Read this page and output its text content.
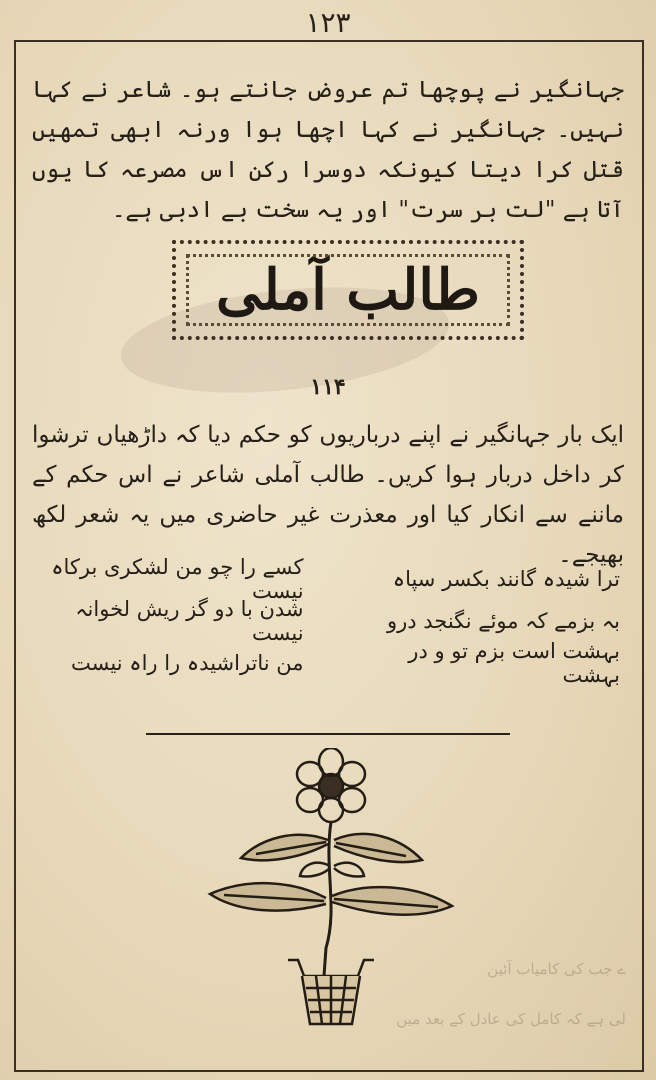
۱۲۳

جہانگیر نے پوچھا تم عروض جانتے ہو۔ شاعر نے کہا نہیں۔ جہانگیر نے کہا اچھا ہوا ورنہ ابھی تمھیں قتل کرا دیتا کیونکہ دوسرا رکن اس مصرعہ کا یوں آتا ہے "لت بر سرت" اور یہ سخت بے ادبی ہے۔

طالب آملی
۱۱۴

ایک بار جہانگیر نے اپنے درباریوں کو حکم دیا کہ داڑھیاں ترشوا کر داخل دربار ہوا کریں۔ طالب آملی شاعر نے اس حکم کے ماننے سے انکار کیا اور معذرت غیر حاضری میں یہ شعر لکھ بھیجے۔

ترا شیدہ گانند بکسر سپاہ
کسے را چو من لشکری برکاہ نیست
بہ بزمے کہ موئے نگنجد درو
شدن با دو گز ریش لخوانہ نیست
بہشت است بزم تو و در بہشت
من ناتراشیدہ را راہ نیست
ے جب کی کامیاب آئین
لی ہے کہ کامل کی عادل کے بعد میں
